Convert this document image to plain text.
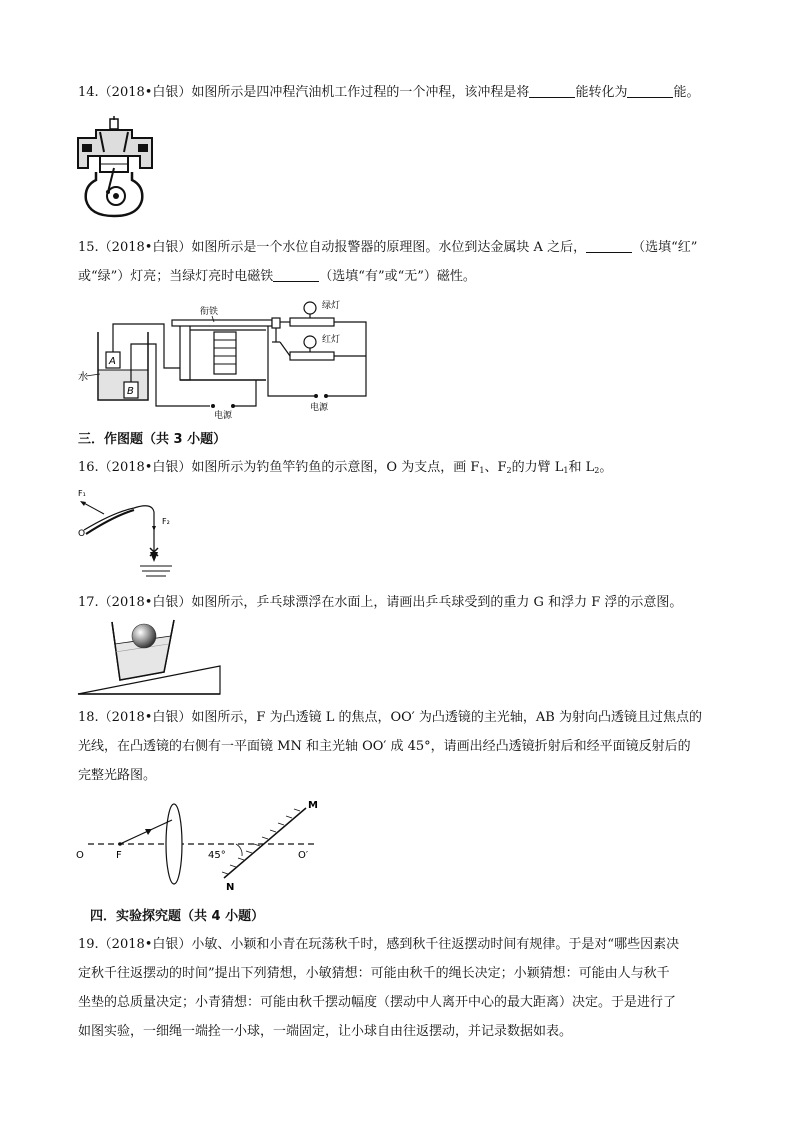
14.（2018•白银）如图所示是四冲程汽油机工作过程的一个冲程，该冲程是将	能转化为	能。

15.（2018•白银）如图所示是一个水位自动报警器的原理图。水位到达金属块 A 之后，	（选填“红”
或“绿”）灯亮；当绿灯亮时电磁铁	（选填“有”或“无”）磁性。

A
B
水
衔铁
绿灯
红灯
电源
电源

三．作图题（共 3 小题）

16.（2018•白银）如图所示为钓鱼竿钓鱼的示意图，O 为支点，画 $F_1$、$F_2$的力臂 $L_1$和 $L_2$。

F₁
O
F₂

17.（2018•白银）如图所示，乒乓球漂浮在水面上，请画出乒乓球受到的重力 G 和浮力 F 浮的示意图。

18.（2018•白银）如图所示，F 为凸透镜 L 的焦点，OO′ 为凸透镜的主光轴，AB 为射向凸透镜且过焦点的
光线，在凸透镜的右侧有一平面镜 MN 和主光轴 OO′ 成 45°，请画出经凸透镜折射后和经平面镜反射后的
完整光路图。

O	O′
F	45°
M
N

四．实验探究题（共 4 小题）

19.（2018•白银）小敏、小颖和小青在玩荡秋千时，感到秋千往返摆动时间有规律。于是对“哪些因素决
定秋千往返摆动的时间”提出下列猜想，小敏猜想：可能由秋千的绳长决定；小颖猜想：可能由人与秋千
坐垫的总质量决定；小青猜想：可能由秋千摆动幅度（摆动中人离开中心的最大距离）决定。于是进行了
如图实验，一细绳一端拴一小球，一端固定，让小球自由往返摆动，并记录数据如表。
